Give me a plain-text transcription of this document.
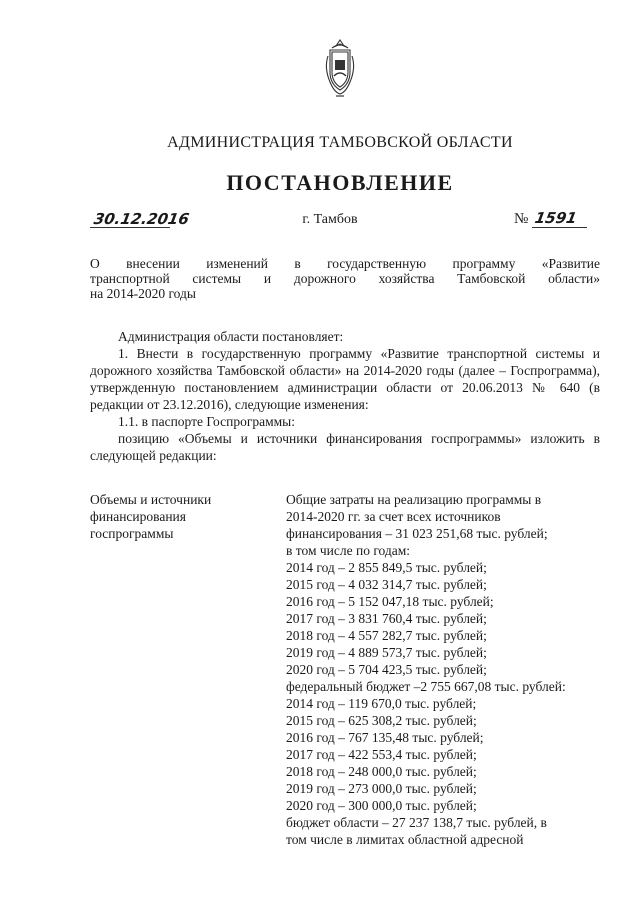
АДМИНИСТРАЦИЯ ТАМБОВСКОЙ ОБЛАСТИ
ПОСТАНОВЛЕНИЕ
30.12.2016	г. Тамбов	№ 1591
О внесении изменений в государственную программу «Развитие
транспортной системы и дорожного хозяйства Тамбовской области»
на 2014-2020 годы
Администрация области постановляет:
1. Внести в государственную программу «Развитие транспортной системы и дорожного хозяйства Тамбовской области» на 2014-2020 годы (далее – Госпрограмма), утвержденную постановлением администрации области от 20.06.2013 № 640 (в редакции от 23.12.2016), следующие изменения:
1.1. в паспорте Госпрограммы:
позицию «Объемы и источники финансирования госпрограммы» изложить в следующей редакции:
Объемы и источники
финансирования
госпрограммы
Общие затраты на реализацию программы в
2014-2020 гг. за счет всех источников
финансирования – 31 023 251,68 тыс. рублей;
в том числе по годам:
2014 год – 2 855 849,5 тыс. рублей;
2015 год – 4 032 314,7 тыс. рублей;
2016 год – 5 152 047,18 тыс. рублей;
2017 год – 3 831 760,4 тыс. рублей;
2018 год – 4 557 282,7 тыс. рублей;
2019 год – 4 889 573,7 тыс. рублей;
2020 год – 5 704 423,5 тыс. рублей;
федеральный бюджет –2 755 667,08 тыс. рублей:
2014 год – 119 670,0 тыс. рублей;
2015 год – 625 308,2 тыс. рублей;
2016 год – 767 135,48 тыс. рублей;
2017 год – 422 553,4 тыс. рублей;
2018 год – 248 000,0 тыс. рублей;
2019 год – 273 000,0 тыс. рублей;
2020 год – 300 000,0 тыс. рублей;
бюджет области – 27 237 138,7 тыс. рублей, в
том числе в лимитах областной адресной
